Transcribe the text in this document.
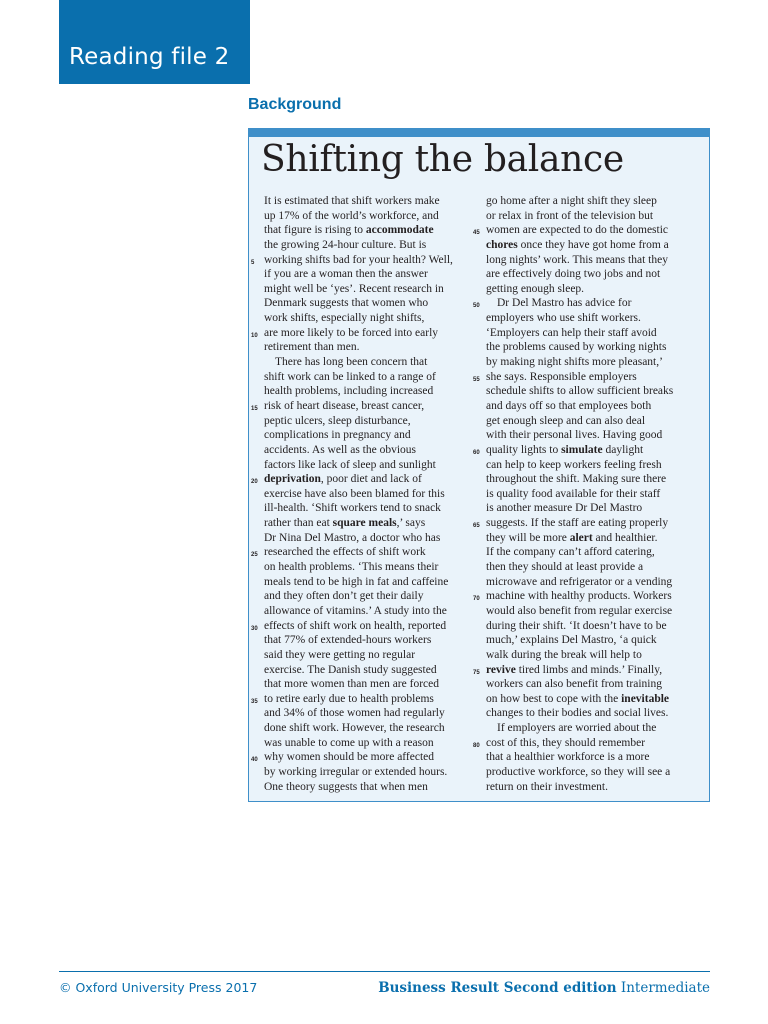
Reading file 2
Background
Shifting the balance
It is estimated that shift workers make
up 17% of the world’s workforce, and
that figure is rising to accommodate
the growing 24-hour culture. But is
5 working shifts bad for your health? Well,
if you are a woman then the answer
might well be ‘yes’. Recent research in
Denmark suggests that women who
work shifts, especially night shifts,
10 are more likely to be forced into early
retirement than men.
There has long been concern that
shift work can be linked to a range of
health problems, including increased
15 risk of heart disease, breast cancer,
peptic ulcers, sleep disturbance,
complications in pregnancy and
accidents. As well as the obvious
factors like lack of sleep and sunlight
20 deprivation, poor diet and lack of
exercise have also been blamed for this
ill-health. ‘Shift workers tend to snack
rather than eat square meals,’ says
Dr Nina Del Mastro, a doctor who has
25 researched the effects of shift work
on health problems. ‘This means their
meals tend to be high in fat and caffeine
and they often don’t get their daily
allowance of vitamins.’ A study into the
30 effects of shift work on health, reported
that 77% of extended-hours workers
said they were getting no regular
exercise. The Danish study suggested
that more women than men are forced
35 to retire early due to health problems
and 34% of those women had regularly
done shift work. However, the research
was unable to come up with a reason
40 why women should be more affected
by working irregular or extended hours.
One theory suggests that when men
go home after a night shift they sleep
or relax in front of the television but
45 women are expected to do the domestic
chores once they have got home from a
long nights’ work. This means that they
are effectively doing two jobs and not
getting enough sleep.
50 Dr Del Mastro has advice for
employers who use shift workers.
‘Employers can help their staff avoid
the problems caused by working nights
by making night shifts more pleasant,’
55 she says. Responsible employers
schedule shifts to allow sufficient breaks
and days off so that employees both
get enough sleep and can also deal
with their personal lives. Having good
60 quality lights to simulate daylight
can help to keep workers feeling fresh
throughout the shift. Making sure there
is quality food available for their staff
is another measure Dr Del Mastro
65 suggests. If the staff are eating properly
they will be more alert and healthier.
If the company can’t afford catering,
then they should at least provide a
microwave and refrigerator or a vending
70 machine with healthy products. Workers
would also benefit from regular exercise
during their shift. ‘It doesn’t have to be
much,’ explains Del Mastro, ‘a quick
walk during the break will help to
75 revive tired limbs and minds.’ Finally,
workers can also benefit from training
on how best to cope with the inevitable
changes to their bodies and social lives.
If employers are worried about the
80 cost of this, they should remember
that a healthier workforce is a more
productive workforce, so they will see a
return on their investment.
© Oxford University Press 2017	Business Result Second edition Intermediate
